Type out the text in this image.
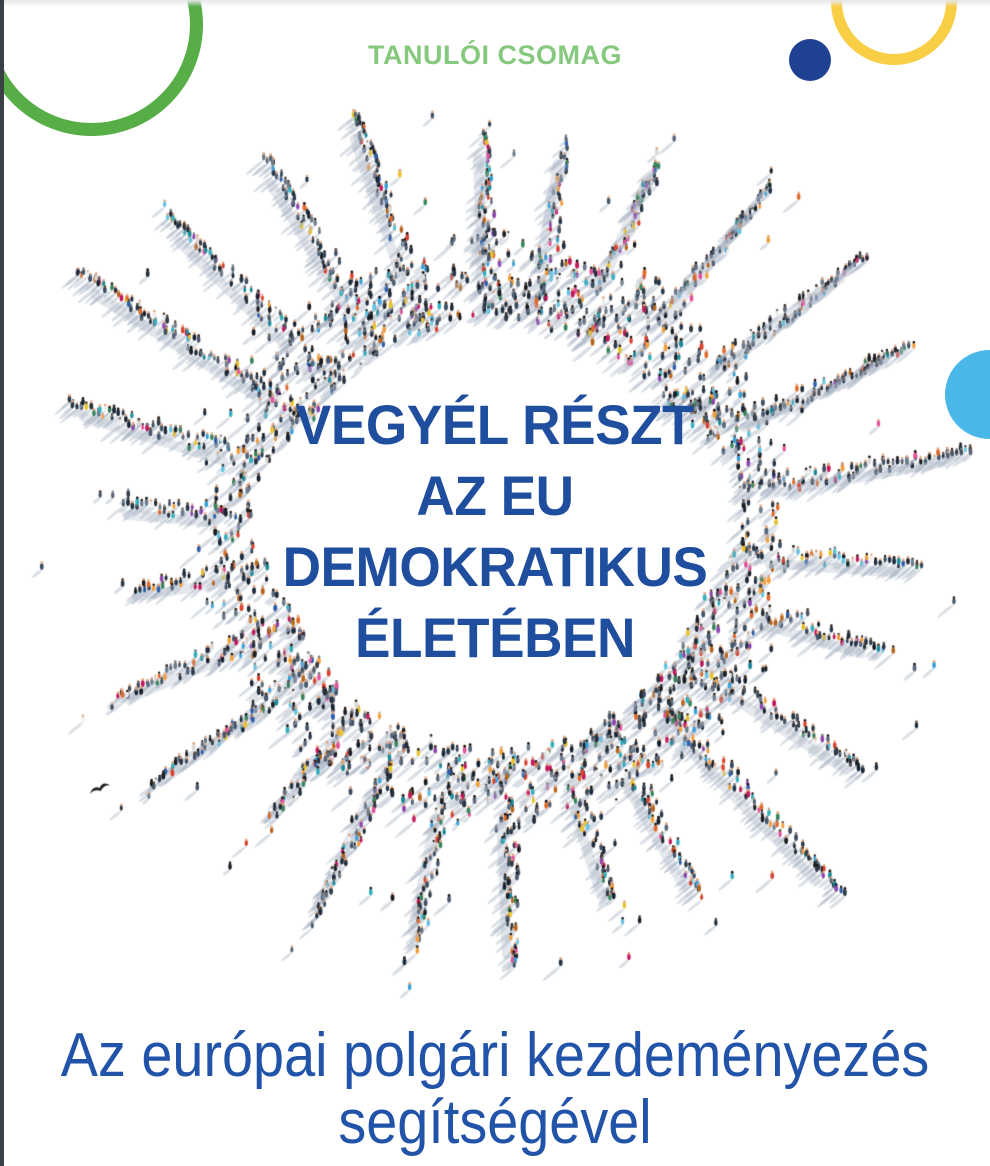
TANULÓI CSOMAG
VEGYÉL RÉSZT
AZ EU
DEMOKRATIKUS
ÉLETÉBEN
Az európai polgári kezdeményezés
segítségével
